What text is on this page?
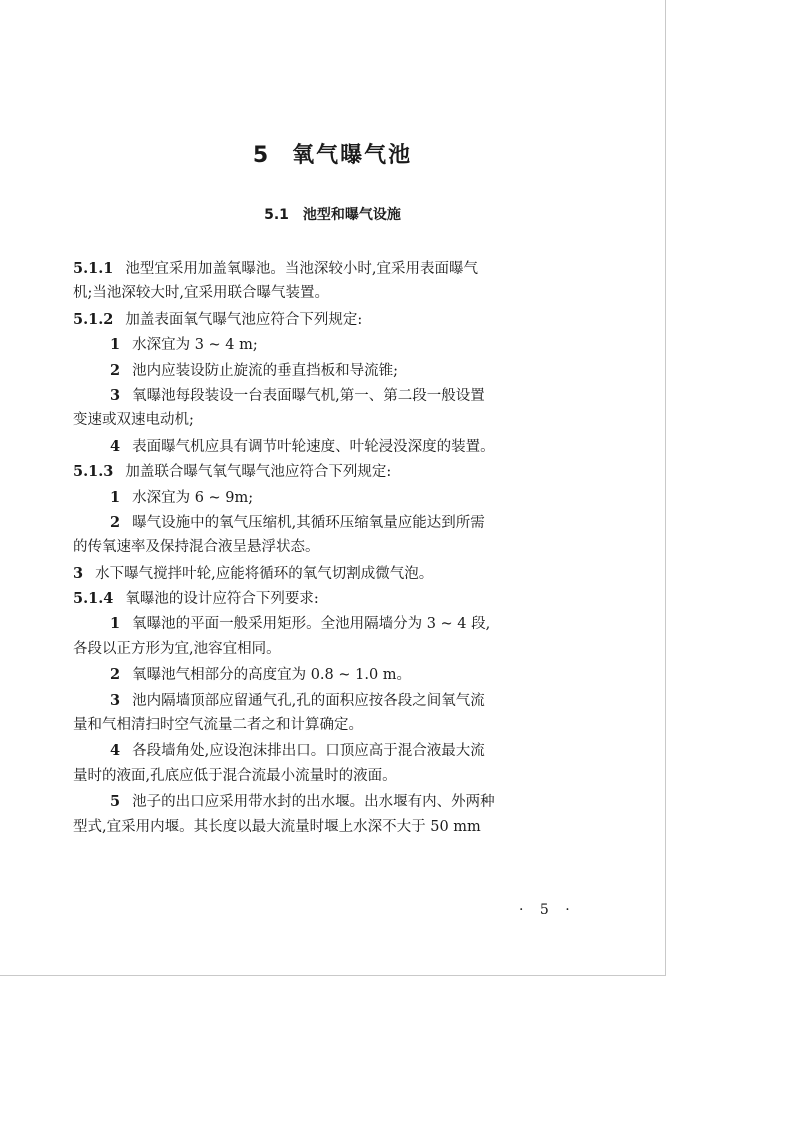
5 氧气曝气池
5.1 池型和曝气设施
5.1.1 池型宜采用加盖氧曝池。当池深较小时,宜采用表面曝气
机;当池深较大时,宜采用联合曝气装置。
5.1.2 加盖表面氧气曝气池应符合下列规定:
1 水深宜为 3 ~ 4 m;
2 池内应装设防止旋流的垂直挡板和导流锥;
3 氧曝池每段装设一台表面曝气机,第一、第二段一般设置
变速或双速电动机;
4 表面曝气机应具有调节叶轮速度、叶轮浸没深度的装置。
5.1.3 加盖联合曝气氧气曝气池应符合下列规定:
1 水深宜为 6 ~ 9m;
2 曝气设施中的氧气压缩机,其循环压缩氧量应能达到所需
的传氧速率及保持混合液呈悬浮状态。
3 水下曝气搅拌叶轮,应能将循环的氧气切割成微气泡。
5.1.4 氧曝池的设计应符合下列要求:
1 氧曝池的平面一般采用矩形。全池用隔墙分为 3 ~ 4 段,
各段以正方形为宜,池容宜相同。
2 氧曝池气相部分的高度宜为 0.8 ~ 1.0 m。
3 池内隔墙顶部应留通气孔,孔的面积应按各段之间氧气流
量和气相清扫时空气流量二者之和计算确定。
4 各段墙角处,应设泡沫排出口。口顶应高于混合液最大流
量时的液面,孔底应低于混合流最小流量时的液面。
5 池子的出口应采用带水封的出水堰。出水堰有内、外两种
型式,宜采用内堰。其长度以最大流量时堰上水深不大于 50 mm
· 5 ·
